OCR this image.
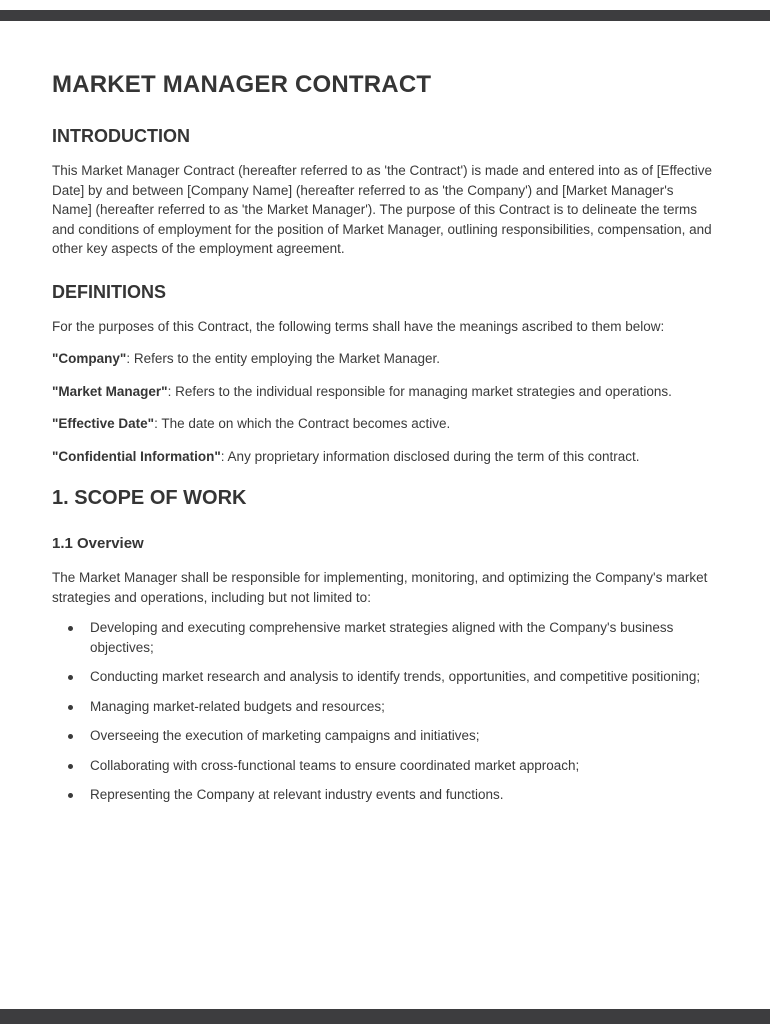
MARKET MANAGER CONTRACT
INTRODUCTION

This Market Manager Contract (hereafter referred to as 'the Contract') is made and entered into as of [Effective Date] by and between [Company Name] (hereafter referred to as 'the Company') and [Market Manager's Name] (hereafter referred to as 'the Market Manager'). The purpose of this Contract is to delineate the terms and conditions of employment for the position of Market Manager, outlining responsibilities, compensation, and other key aspects of the employment agreement.

DEFINITIONS

For the purposes of this Contract, the following terms shall have the meanings ascribed to them below:

"Company": Refers to the entity employing the Market Manager.

"Market Manager": Refers to the individual responsible for managing market strategies and operations.

"Effective Date": The date on which the Contract becomes active.

"Confidential Information": Any proprietary information disclosed during the term of this contract.

1. SCOPE OF WORK
1.1 Overview

The Market Manager shall be responsible for implementing, monitoring, and optimizing the Company's market strategies and operations, including but not limited to:

Developing and executing comprehensive market strategies aligned with the Company's business objectives;
Conducting market research and analysis to identify trends, opportunities, and competitive positioning;
Managing market-related budgets and resources;
Overseeing the execution of marketing campaigns and initiatives;
Collaborating with cross-functional teams to ensure coordinated market approach;
Representing the Company at relevant industry events and functions.
